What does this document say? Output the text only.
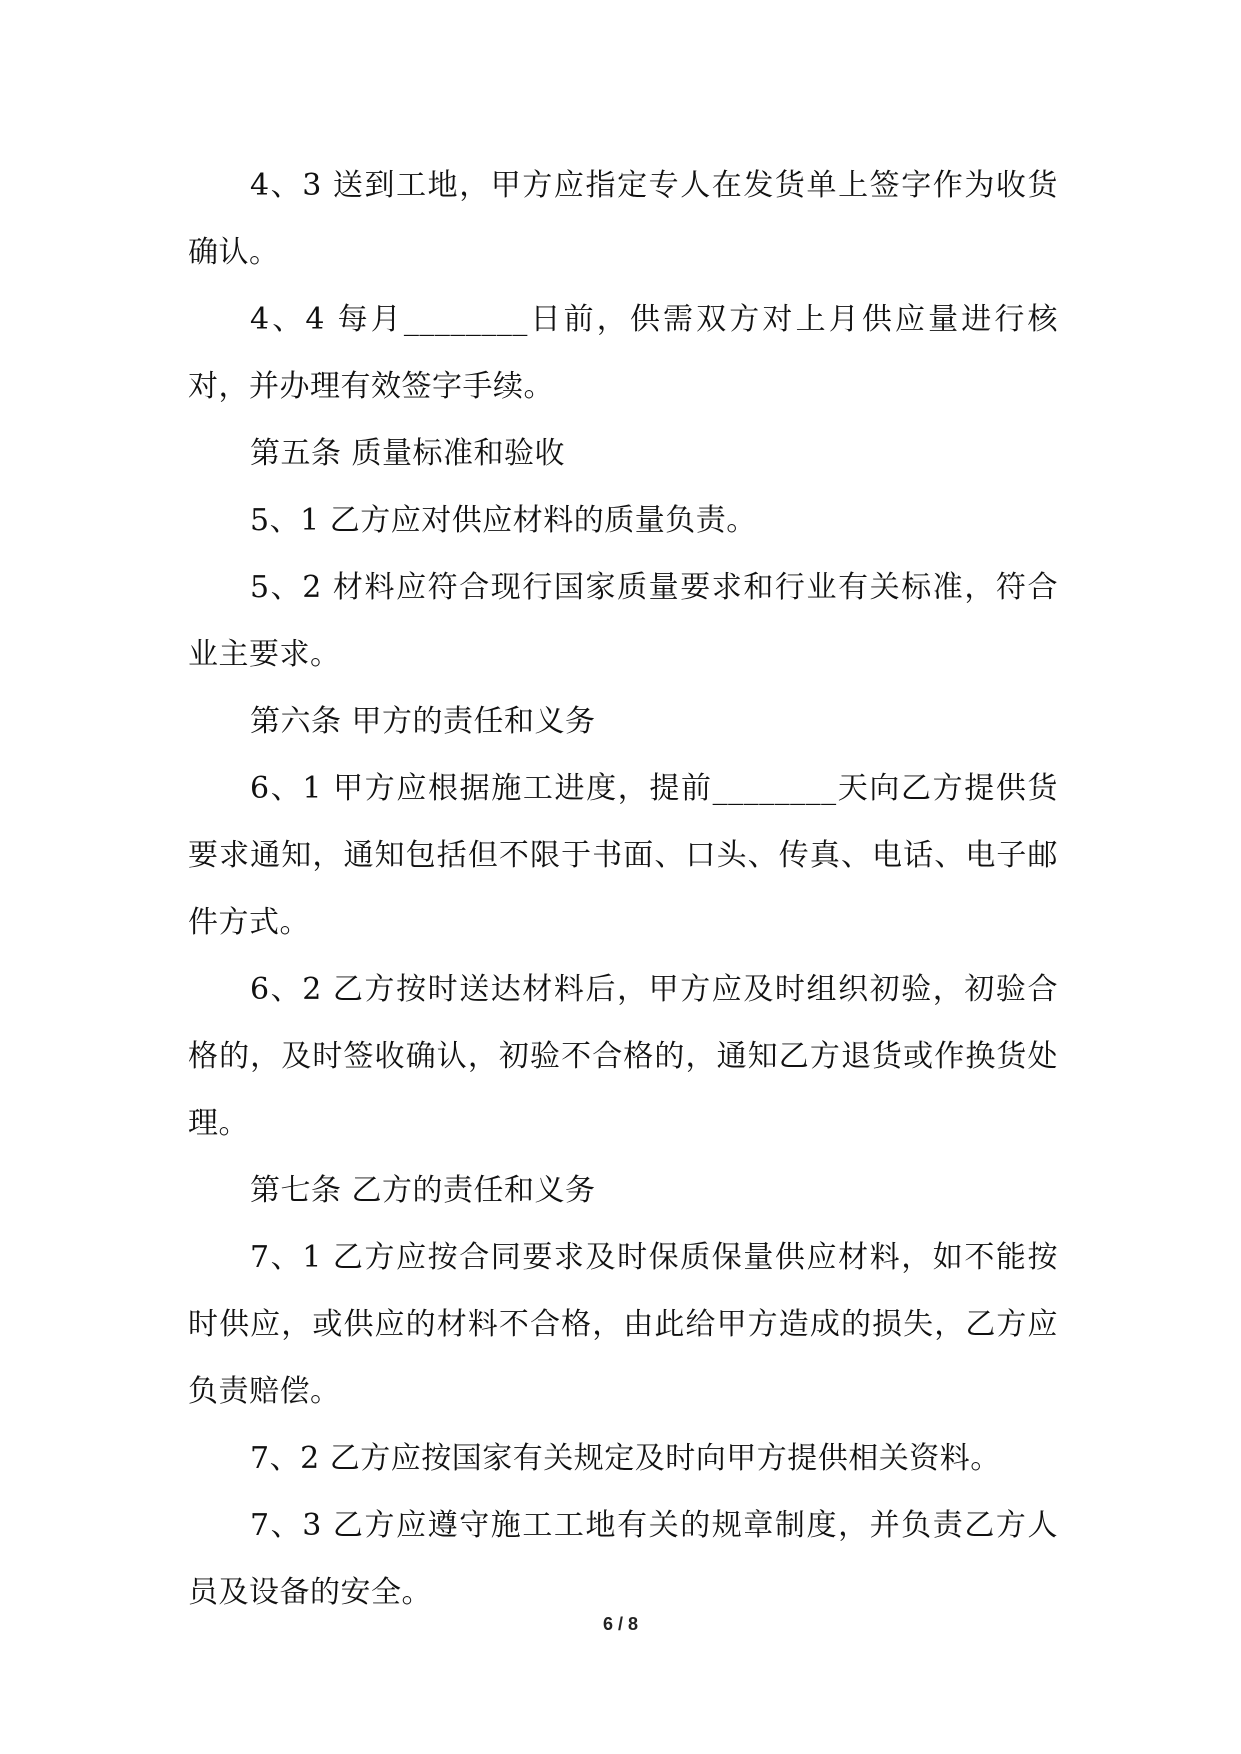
4、3 送到工地，甲方应指定专人在发货单上签字作为收货确认。

4、4 每月________日前，供需双方对上月供应量进行核对，并办理有效签字手续。

第五条 质量标准和验收

5、1 乙方应对供应材料的质量负责。

5、2 材料应符合现行国家质量要求和行业有关标准，符合业主要求。

第六条 甲方的责任和义务

6、1 甲方应根据施工进度，提前________天向乙方提供货要求通知，通知包括但不限于书面、口头、传真、电话、电子邮件方式。

6、2 乙方按时送达材料后，甲方应及时组织初验，初验合格的，及时签收确认，初验不合格的，通知乙方退货或作换货处理。

第七条 乙方的责任和义务

7、1 乙方应按合同要求及时保质保量供应材料，如不能按时供应，或供应的材料不合格，由此给甲方造成的损失，乙方应负责赔偿。

7、2 乙方应按国家有关规定及时向甲方提供相关资料。

7、3 乙方应遵守施工工地有关的规章制度，并负责乙方人员及设备的安全。

6 / 8
